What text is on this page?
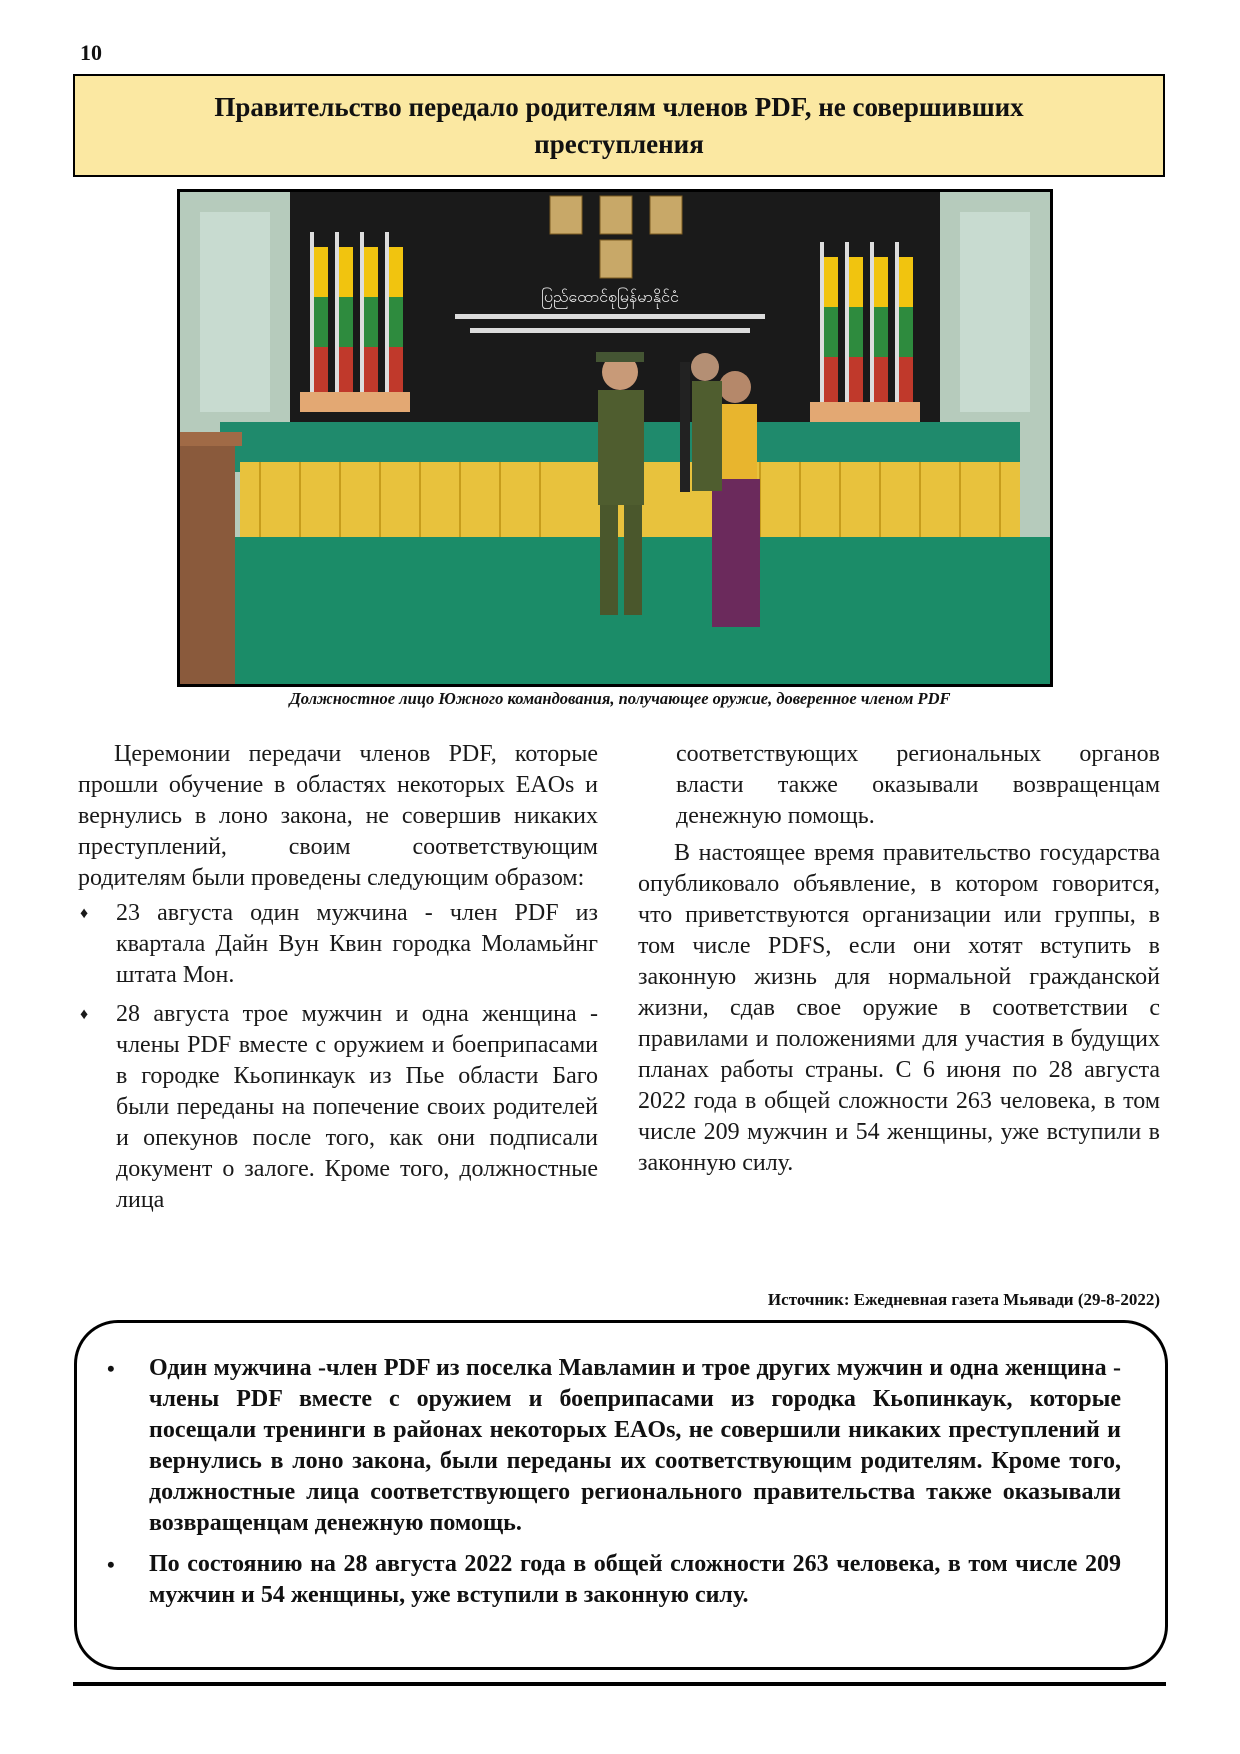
10
Правительство передало родителям членов PDF, не совершивших преступления
ပြည်ထောင်စုမြန်မာနိုင်ငံ
Должностное лицо Южного командования, получающее оружие, доверенное членом PDF

Церемонии передачи членов PDF, которые прошли обучение в областях некоторых EAOs и вернулись в лоно закона, не совершив никаких преступлений, своим соответствующим родителям были проведены следующим образом:

♦ 23 августа один мужчина - член PDF из квартала Дайн Вун Квин городка Моламьйнг штата Мон.
♦ 28 августа трое мужчин и одна женщина - члены PDF вместе с оружием и боеприпасами в городке Кьопинкаук из Пье области Баго были переданы на попечение своих родителей и опекунов после того, как они подписали документ о залоге. Кроме того, должностные лица

соответствующих региональных органов власти также оказывали возвращенцам денежную помощь.

В настоящее время правительство государства опубликовало объявление, в котором говорится, что приветствуются организации или группы, в том числе PDFS, если они хотят вступить в законную жизнь для нормальной гражданской жизни, сдав свое оружие в соответствии с правилами и положениями для участия в будущих планах работы страны. С 6 июня по 28 августа 2022 года в общей сложности 263 человека, в том числе 209 мужчин и 54 женщины, уже вступили в законную силу.

Источник: Ежедневная газета Мьявади (29-8-2022)
• Один мужчина -член PDF из поселка Мавламин и трое других мужчин и одна женщина - члены PDF вместе с оружием и боеприпасами из городка Кьопинкаук, которые посещали тренинги в районах некоторых EAOs, не совершили никаких преступлений и вернулись в лоно закона, были переданы их соответствующим родителям. Кроме того, должностные лица соответствующего регионального правительства также оказывали возвращенцам денежную помощь.
• По состоянию на 28 августа 2022 года в общей сложности 263 человека, в том числе 209 мужчин и 54 женщины, уже вступили в законную силу.
